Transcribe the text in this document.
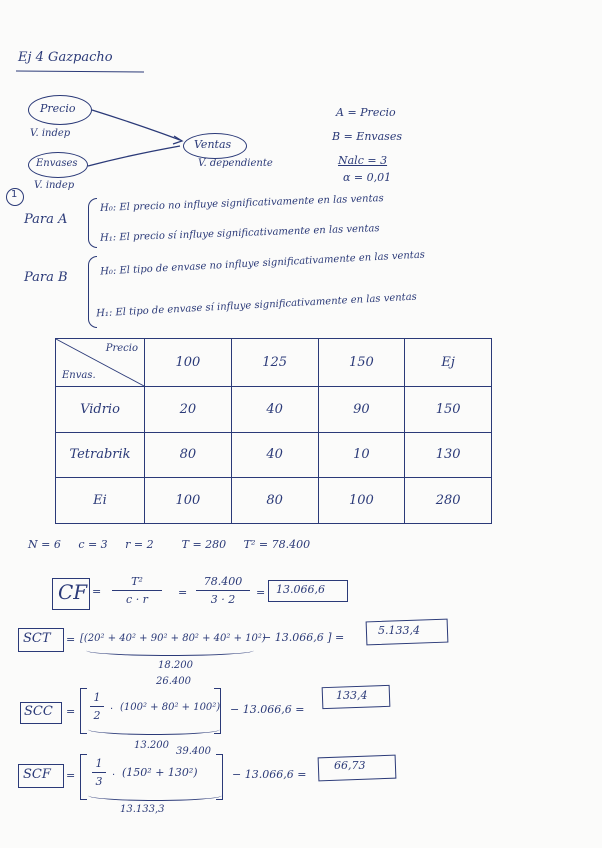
Ej 4 Gazpacho
Precio
V. indep
Envases
V. indep
Ventas
V. dependiente
A = Precio
B = Envases
Nalc = 3
α = 0,01
1
Para A
H₀: El precio no influye significativamente en las ventas
H₁: El precio sí influye significativamente en las ventas
Para B	H₀: El tipo de envase no influye significativamente en las ventas
H₁: El tipo de envase sí influye significativamente en las ventas
Precio
Envas.	100	125	150	Ej
Vidrio	20	40	90	150
Tetrabrik	80	40	10	130
Ei	100	80	100	280
N = 6     c = 3     r = 2        T = 280     T² = 78.400
CF =
T²
c · r
=
78.400
3 · 2
= 13.066,6
SCT = [(20² + 40² + 90² + 80² + 40² + 10²)
− 13.066,6 ] =
5.133,4
18.200
26.400
SCC =
1
2 · (100² + 80² + 100²) − 13.066,6 =
133,4
13.200
39.400
SCF =
1
3 · (150² + 130²)	− 13.066,6 =
66,73
13.133,3
